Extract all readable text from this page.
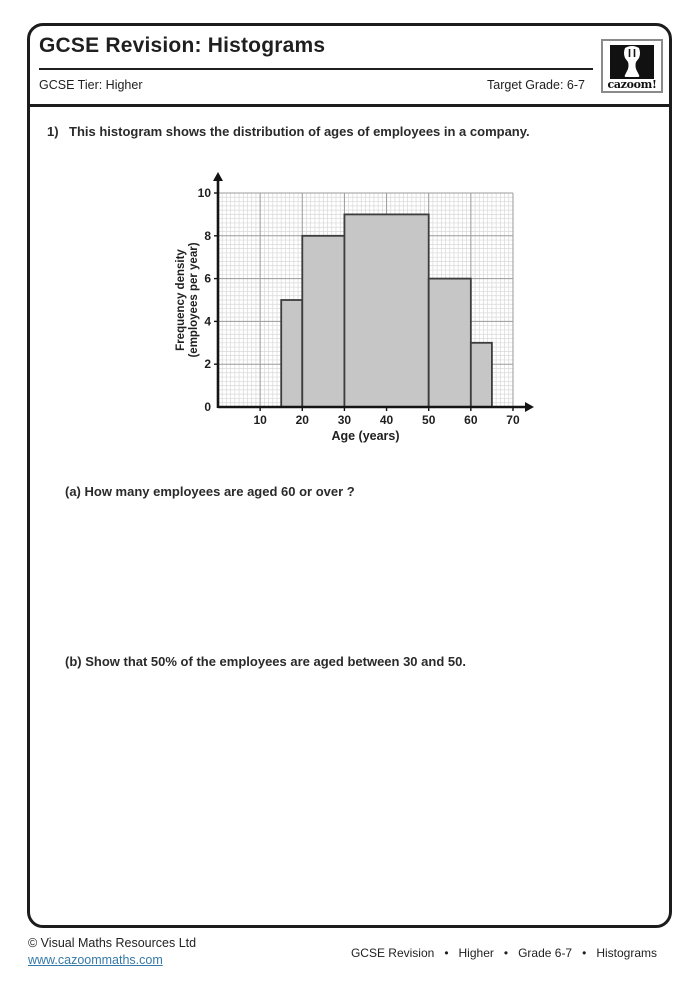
GCSE Revision: Histograms
GCSE Tier: Higher	Target Grade: 6-7	cazoom!
1) This histogram shows the distribution of ages of employees in a company.
10 20 30 40 50 60 70
0
2
4
6
8
10
Age (years)
Frequency density (employees per year)
(a) How many employees are aged 60 or over ?
(b) Show that 50% of the employees are aged between 30 and 50.
© Visual Maths Resources Ltd
www.cazoommaths.com	GCSE Revision • Higher • Grade 6-7 • Histograms
